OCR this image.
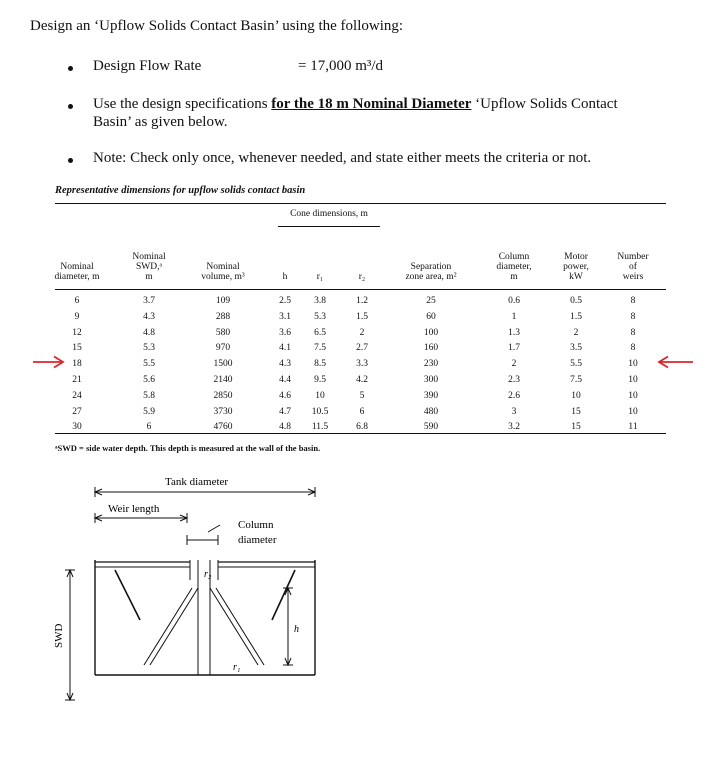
Design an ‘Upflow Solids Contact Basin’ using the following:
Design Flow Rate	= 17,000 m³/d
Use the design specifications for the 18 m Nominal Diameter ‘Upflow Solids Contact
Basin’ as given below.
Note: Check only once, whenever needed, and state either meets the criteria or not.
Representative dimensions for upflow solids contact basin
Cone dimensions, m
Nominal
diameter, m
Nominal
SWD,ᵃ
m
Nominal
volume, m³	h	r₁	r₂
Separation
zone area, m²
Column
diameter,
m
Motor
power,
kW
Number
of
weirs
6	3.7	109	2.5	3.8	1.2	25	0.6	0.5	8
9	4.3	288	3.1	5.3	1.5	60	1	1.5	8
12	4.8	580	3.6	6.5	2	100	1.3	2	8
15	5.3	970	4.1	7.5	2.7	160	1.7	3.5	8
18	5.5	1500	4.3	8.5	3.3	230	2	5.5	10
21	5.6	2140	4.4	9.5	4.2	300	2.3	7.5	10
24	5.8	2850	4.6	10	5	390	2.6	10	10
27	5.9	3730	4.7	10.5	6	480	3	15	10
30	6	4760	4.8	11.5	6.8	590	3.2	15	11
ᵃSWD = side water depth. This depth is measured at the wall of the basin.
Tank diameter
Weir length
Column
diameter
r₂
r₁
h
SWD
